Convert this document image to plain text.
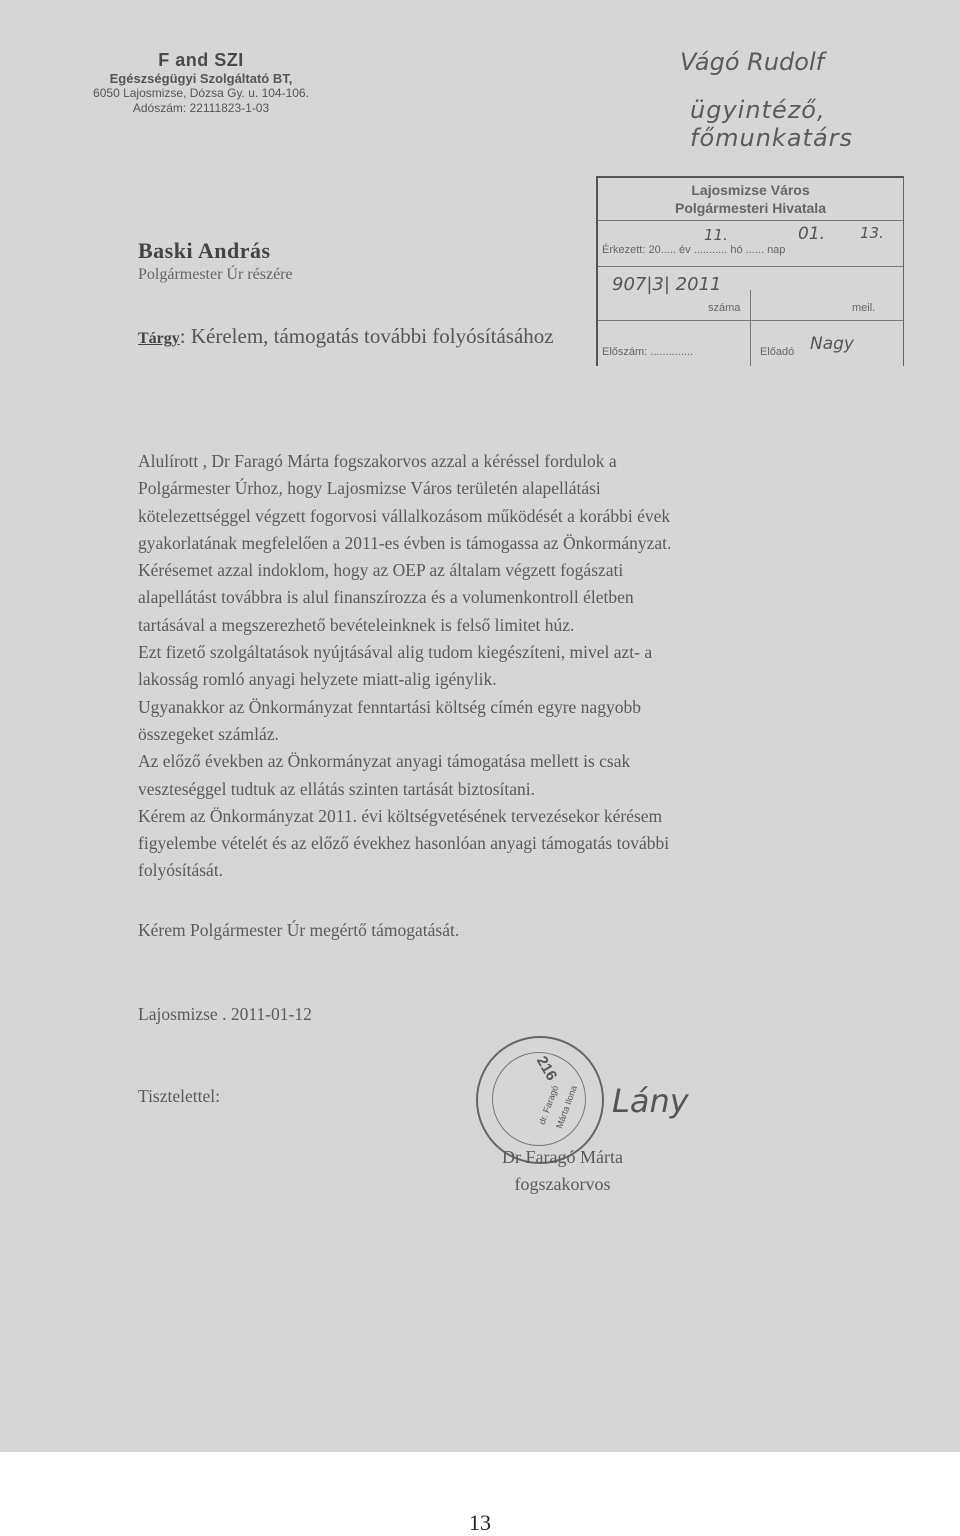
F and SZI
Egészségügyi Szolgáltató BT,
6050 Lajosmizse, Dózsa Gy. u. 104-106.
Adószám: 22111823-1-03
Vágó Rudolf
ügyintéző, főmunkatárs
Lajosmizse Város
Polgármesteri Hivatala
11.	01. 13.
Érkezett: 20..... év ........... hó ...... nap
907|3| 2011
száma	meil.
Előszám: ..............	Előadó Nagy
Baski András
Polgármester Úr részére
Tárgy: Kérelem, támogatás további folyósításához

Alulírott , Dr Faragó Márta fogszakorvos azzal a kéréssel fordulok a

Polgármester Úrhoz, hogy Lajosmizse Város területén alapellátási

kötelezettséggel végzett fogorvosi vállalkozásom működését a korábbi évek

gyakorlatának megfelelően a 2011-es évben is támogassa az Önkormányzat.

Kérésemet azzal indoklom, hogy az OEP az általam végzett fogászati

alapellátást továbbra is alul finanszírozza és a volumenkontroll életben

tartásával a megszerezhető bevételeinknek is felső limitet húz.

Ezt fizető szolgáltatások nyújtásával alig tudom kiegészíteni, mivel azt- a

lakosság romló anyagi helyzete miatt-alig igénylik.

Ugyanakkor az Önkormányzat fenntartási költség címén egyre nagyobb

összegeket számláz.

Az előző években az Önkormányzat anyagi támogatása mellett is csak

veszteséggel tudtuk az ellátás szinten tartását biztosítani.

Kérem az Önkormányzat 2011. évi költségvetésének tervezésekor kérésem

figyelembe vételét és az előző évekhez hasonlóan anyagi támogatás további

folyósítását.

Kérem Polgármester Úr megértő támogatását.
Lajosmizse . 2011-01-12
Tisztelettel:
216
dr. Faragó
Márta Ilona Lány
Dr Faragó Márta
fogszakorvos
13
